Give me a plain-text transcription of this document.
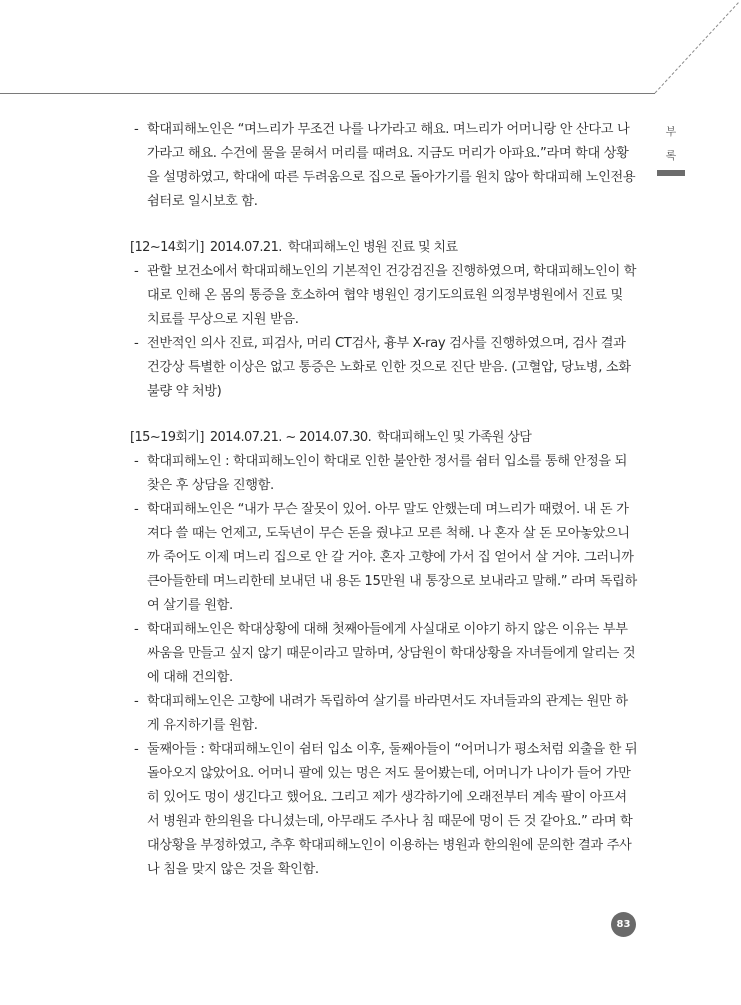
부
록
- 학대피해노인은 “며느리가 무조건 나를 나가라고 해요. 며느리가 어머니랑 안 산다고 나가라고 해요. 수건에 물을 묻혀서 머리를 때려요. 지금도 머리가 아파요.”라며 학대 상황을 설명하였고, 학대에 따른 두려움으로 집으로 돌아가기를 원치 않아 학대피해 노인전용쉼터로 일시보호 함.
[12~14회기] 2014.07.21. 학대피해노인 병원 진료 및 치료
- 관할 보건소에서 학대피해노인의 기본적인 건강검진을 진행하였으며, 학대피해노인이 학대로 인해 온 몸의 통증을 호소하여 협약 병원인 경기도의료원 의정부병원에서 진료 및 치료를 무상으로 지원 받음.
- 전반적인 의사 진료, 피검사, 머리 CT검사, 흉부 X-ray 검사를 진행하였으며, 검사 결과 건강상 특별한 이상은 없고 통증은 노화로 인한 것으로 진단 받음. (고혈압, 당뇨병, 소화불량 약 처방)
[15~19회기] 2014.07.21. ~ 2014.07.30. 학대피해노인 및 가족원 상담
- 학대피해노인 : 학대피해노인이 학대로 인한 불안한 정서를 쉼터 입소를 통해 안정을 되찾은 후 상담을 진행함.
- 학대피해노인은 “내가 무슨 잘못이 있어. 아무 말도 안했는데 며느리가 때렸어. 내 돈 가져다 쓸 때는 언제고, 도둑년이 무슨 돈을 줬냐고 모른 척해. 나 혼자 살 돈 모아놓았으니까 죽어도 이제 며느리 집으로 안 갈 거야. 혼자 고향에 가서 집 얻어서 살 거야. 그러니까 큰아들한테 며느리한테 보내던 내 용돈 15만원 내 통장으로 보내라고 말해.” 라며 독립하여 살기를 원함.
- 학대피해노인은 학대상황에 대해 첫째아들에게 사실대로 이야기 하지 않은 이유는 부부 싸움을 만들고 싶지 않기 때문이라고 말하며, 상담원이 학대상황을 자녀들에게 알리는 것에 대해 건의함.
- 학대피해노인은 고향에 내려가 독립하여 살기를 바라면서도 자녀들과의 관계는 원만 하게 유지하기를 원함.
- 둘째아들 : 학대피해노인이 쉼터 입소 이후, 둘째아들이 “어머니가 평소처럼 외출을 한 뒤 돌아오지 않았어요. 어머니 팔에 있는 멍은 저도 물어봤는데, 어머니가 나이가 들어 가만히 있어도 멍이 생긴다고 했어요. 그리고 제가 생각하기에 오래전부터 계속 팔이 아프셔서 병원과 한의원을 다니셨는데, 아무래도 주사나 침 때문에 멍이 든 것 같아요.” 라며 학대상황을 부정하였고, 추후 학대피해노인이 이용하는 병원과 한의원에 문의한 결과 주사나 침을 맞지 않은 것을 확인함.
83
